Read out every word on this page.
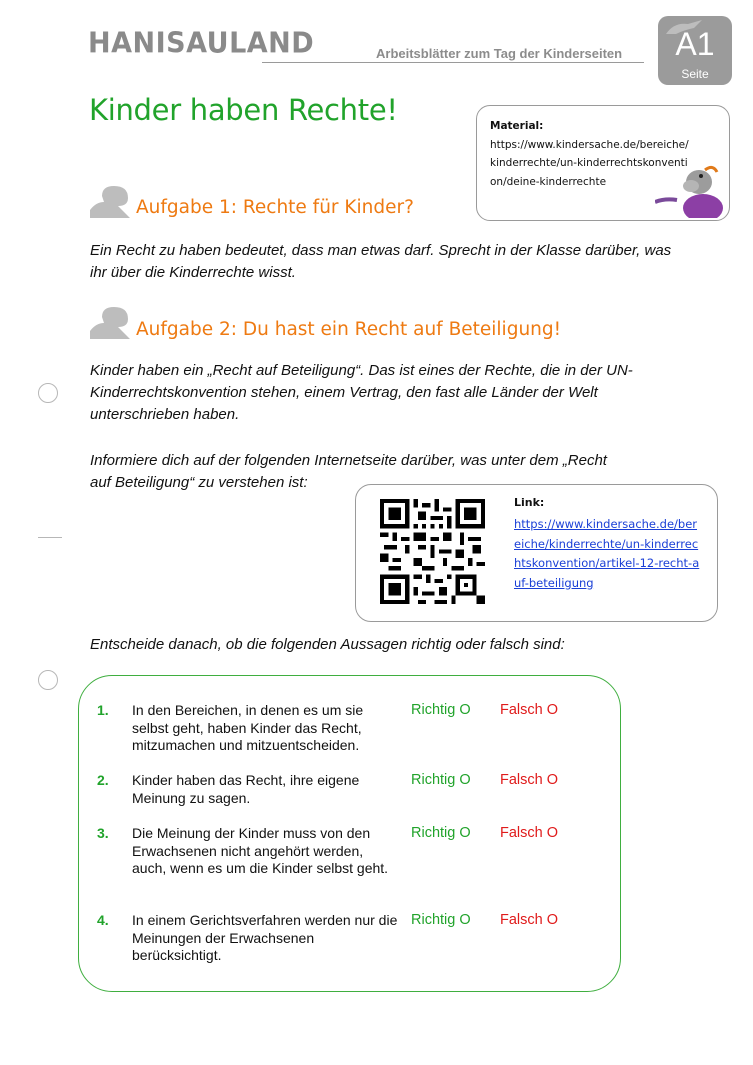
HANISAULAND	Arbeitsblätter zum Tag der Kinderseiten	A1
Seite
Kinder haben Rechte!	Material:
https://www.kindersache.de/bereiche/kinderrechte/un-kinderrechtskonvention/deine-kinderrechte
Aufgabe 1: Rechte für Kinder?
Ein Recht zu haben bedeutet, dass man etwas darf. Sprecht in der Klasse darüber, was ihr über die Kinderrechte wisst.
Aufgabe 2: Du hast ein Recht auf Beteiligung!
Kinder haben ein „Recht auf Beteiligung“. Das ist eines der Rechte, die in der UN-Kinderrechtskonvention stehen, einem Vertrag, den fast alle Länder der Welt unterschrieben haben.
Informiere dich auf der folgenden Internetseite darüber, was unter dem „Recht
auf Beteiligung“ zu verstehen ist:
Link:
https://www.kindersache.de/bereiche/kinderrechte/un-kinderrechtskonvention/artikel-12-recht-auf-beteiligung
Entscheide danach, ob die folgenden Aussagen richtig oder falsch sind:
1. In den Bereichen, in denen es um sie selbst geht, haben Kinder das Recht, mitzumachen und mitzuentscheiden.
Richtig O Falsch O
2. Kinder haben das Recht, ihre eigene Meinung zu sagen.
Richtig O Falsch O
3. Die Meinung der Kinder muss von den Erwachsenen nicht angehört werden, auch, wenn es um die Kinder selbst geht.
Richtig O Falsch O
4. In einem Gerichtsverfahren werden nur die Meinungen der Erwachsenen berücksichtigt.
Richtig O Falsch O
